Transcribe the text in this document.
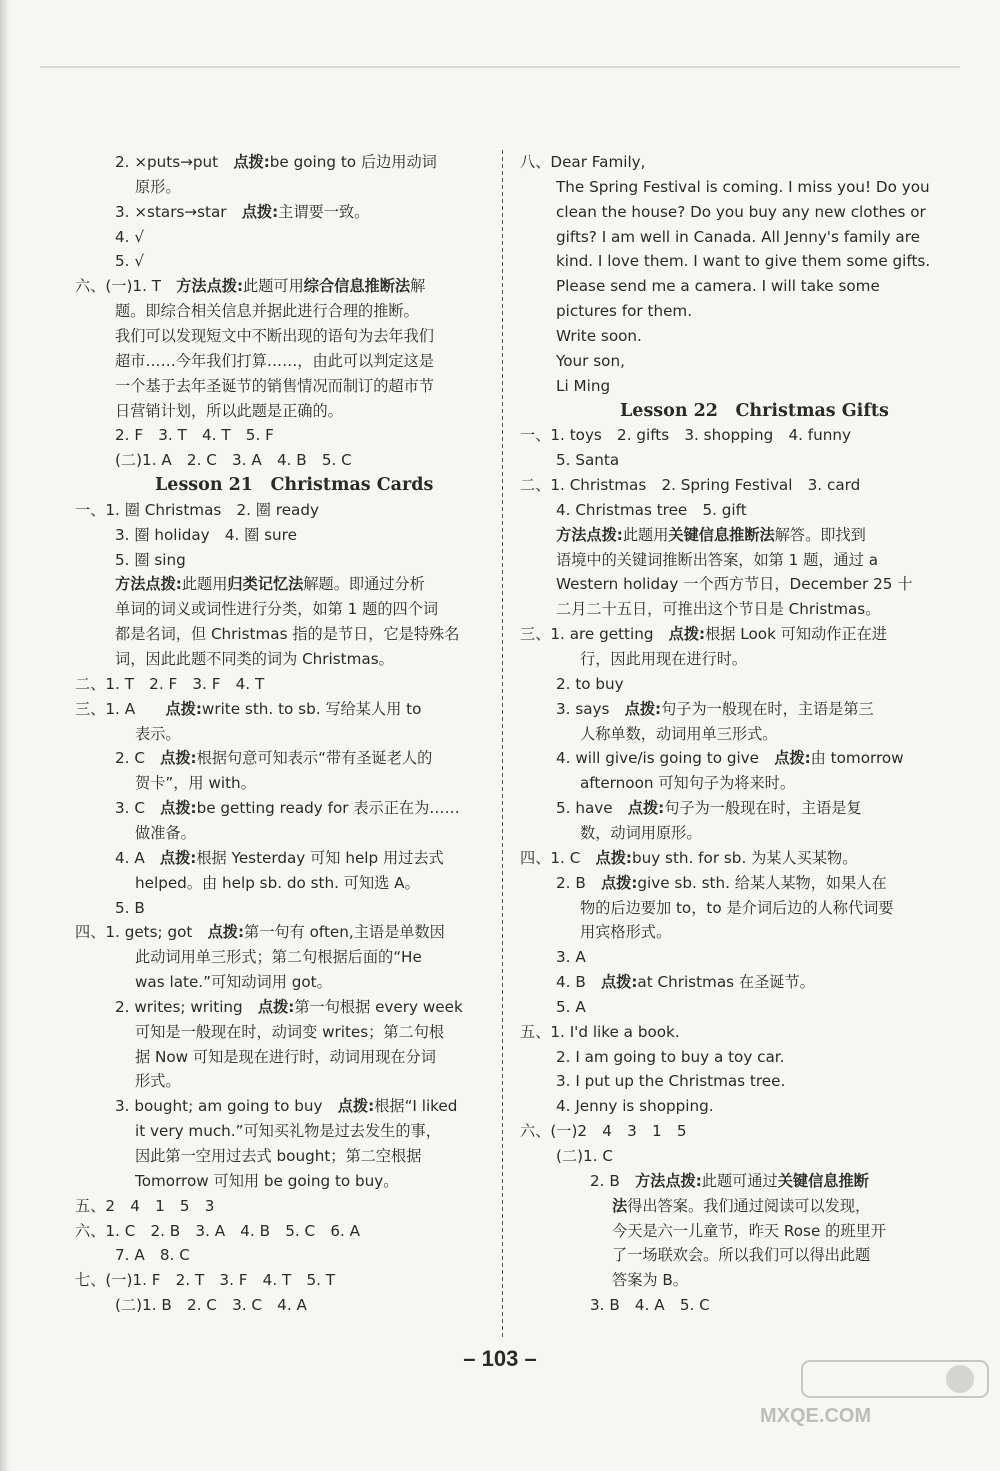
2. ×puts→put　点拨:be going to 后边用动词
原形。
3. ×stars→star　点拨:主谓要一致。
4. √
5. √
六、(一)1. T　方法点拨:此题可用综合信息推断法解
题。即综合相关信息并据此进行合理的推断。
我们可以发现短文中不断出现的语句为去年我们
超市……今年我们打算……，由此可以判定这是
一个基于去年圣诞节的销售情况而制订的超市节
日营销计划，所以此题是正确的。
2. F　3. T　4. T　5. F
(二)1. A　2. C　3. A　4. B　5. C
Lesson 21　Christmas Cards
一、1. 圈 Christmas　2. 圈 ready
3. 圈 holiday　4. 圈 sure
5. 圈 sing
方法点拨:此题用归类记忆法解题。即通过分析
单词的词义或词性进行分类，如第 1 题的四个词
都是名词，但 Christmas 指的是节日，它是特殊名
词，因此此题不同类的词为 Christmas。
二、1. T　2. F　3. F　4. T
三、1. A　　点拨:write sth. to sb. 写给某人用 to
表示。
2. C　点拨:根据句意可知表示“带有圣诞老人的
贺卡”，用 with。
3. C　点拨:be getting ready for 表示正在为……
做准备。
4. A　点拨:根据 Yesterday 可知 help 用过去式
helped。由 help sb. do sth. 可知选 A。
5. B
四、1. gets; got　点拨:第一句有 often,主语是单数因
此动词用单三形式；第二句根据后面的“He
was late.”可知动词用 got。
2. writes; writing　点拨:第一句根据 every week
可知是一般现在时，动词变 writes；第二句根
据 Now 可知是现在进行时，动词用现在分词
形式。
3. bought; am going to buy　点拨:根据“I liked
it very much.”可知买礼物是过去发生的事，
因此第一空用过去式 bought；第二空根据
Tomorrow 可知用 be going to buy。
五、2　4　1　5　3
六、1. C　2. B　3. A　4. B　5. C　6. A
7. A　8. C
七、(一)1. F　2. T　3. F　4. T　5. T
(二)1. B　2. C　3. C　4. A
八、Dear Family,
The Spring Festival is coming. I miss you! Do you
clean the house? Do you buy any new clothes or
gifts? I am well in Canada. All Jenny's family are
kind. I love them. I want to give them some gifts.
Please send me a camera. I will take some
pictures for them.
Write soon.
Your son,
Li Ming
Lesson 22　Christmas Gifts
一、1. toys　2. gifts　3. shopping　4. funny
5. Santa
二、1. Christmas　2. Spring Festival　3. card
4. Christmas tree　5. gift
方法点拨:此题用关键信息推断法解答。即找到
语境中的关键词推断出答案，如第 1 题，通过 a
Western holiday 一个西方节日，December 25 十
二月二十五日，可推出这个节日是 Christmas。
三、1. are getting　点拨:根据 Look 可知动作正在进
行，因此用现在进行时。
2. to buy
3. says　点拨:句子为一般现在时，主语是第三
人称单数，动词用单三形式。
4. will give/is going to give　点拨:由 tomorrow
afternoon 可知句子为将来时。
5. have　点拨:句子为一般现在时，主语是复
数，动词用原形。
四、1. C　点拨:buy sth. for sb. 为某人买某物。
2. B　点拨:give sb. sth. 给某人某物，如果人在
物的后边要加 to，to 是介词后边的人称代词要
用宾格形式。
3. A
4. B　点拨:at Christmas 在圣诞节。
5. A
五、1. I'd like a book.
2. I am going to buy a toy car.
3. I put up the Christmas tree.
4. Jenny is shopping.
六、(一)2　4　3　1　5
(二)1. C
2. B　方法点拨:此题可通过关键信息推断
法得出答案。我们通过阅读可以发现，
今天是六一儿童节，昨天 Rose 的班里开
了一场联欢会。所以我们可以得出此题
答案为 B。
3. B　4. A　5. C
– 103 –
MXQE.COM
